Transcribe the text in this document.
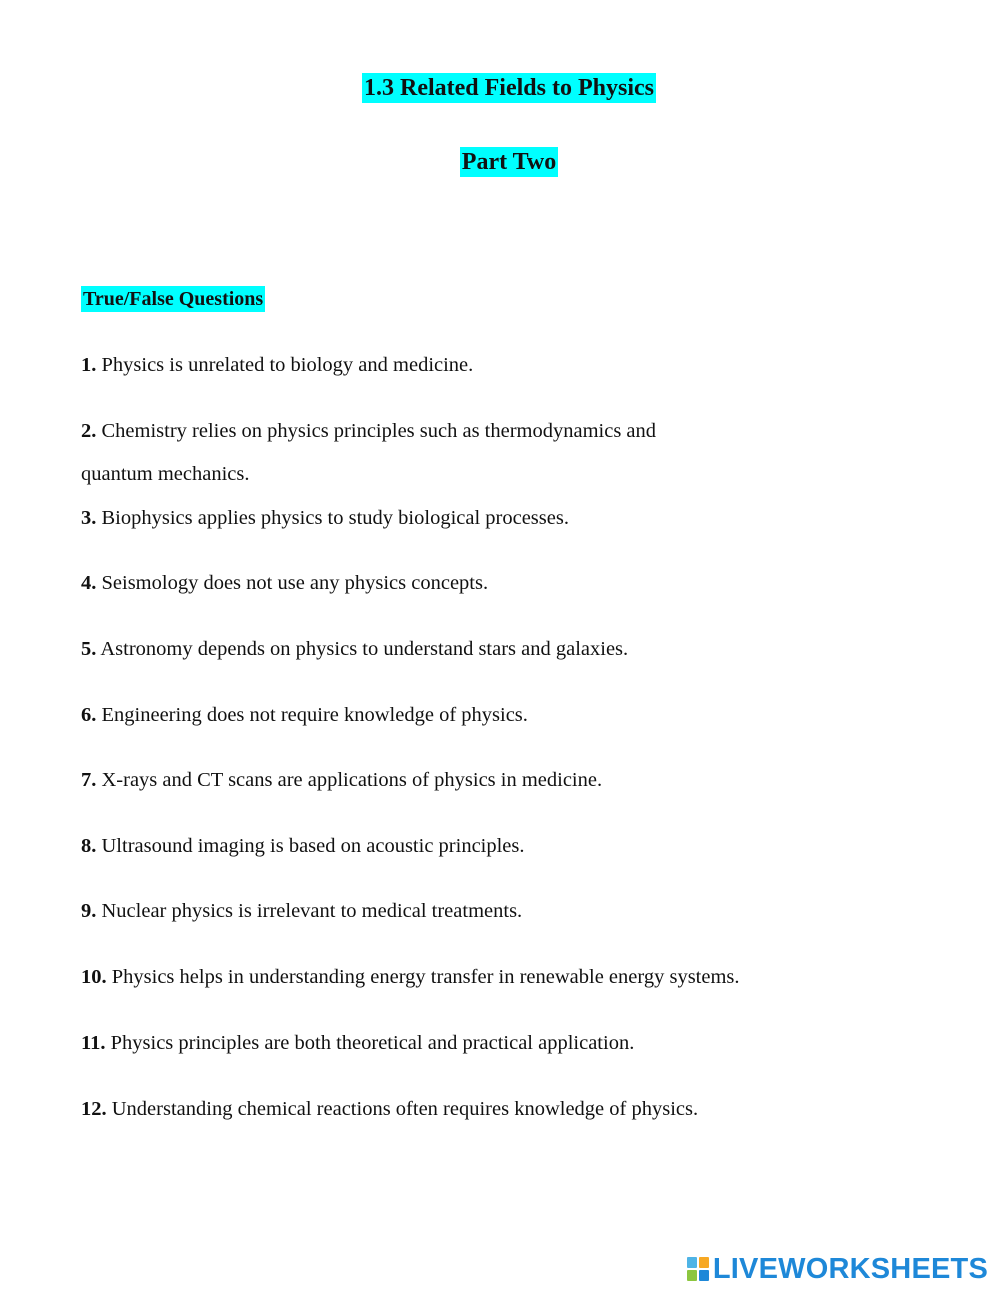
1.3 Related Fields to Physics
Part Two
True/False Questions
1. Physics is unrelated to biology and medicine.
2. Chemistry relies on physics principles such as thermodynamics and
quantum mechanics.
3. Biophysics applies physics to study biological processes.
4. Seismology does not use any physics concepts.
5. Astronomy depends on physics to understand stars and galaxies.
6. Engineering does not require knowledge of physics.
7. X-rays and CT scans are applications of physics in medicine.
8. Ultrasound imaging is based on acoustic principles.
9. Nuclear physics is irrelevant to medical treatments.
10. Physics helps in understanding energy transfer in renewable energy systems.
11. Physics principles are both theoretical and practical application.
12. Understanding chemical reactions often requires knowledge of physics.
LIVEWORKSHEETS
